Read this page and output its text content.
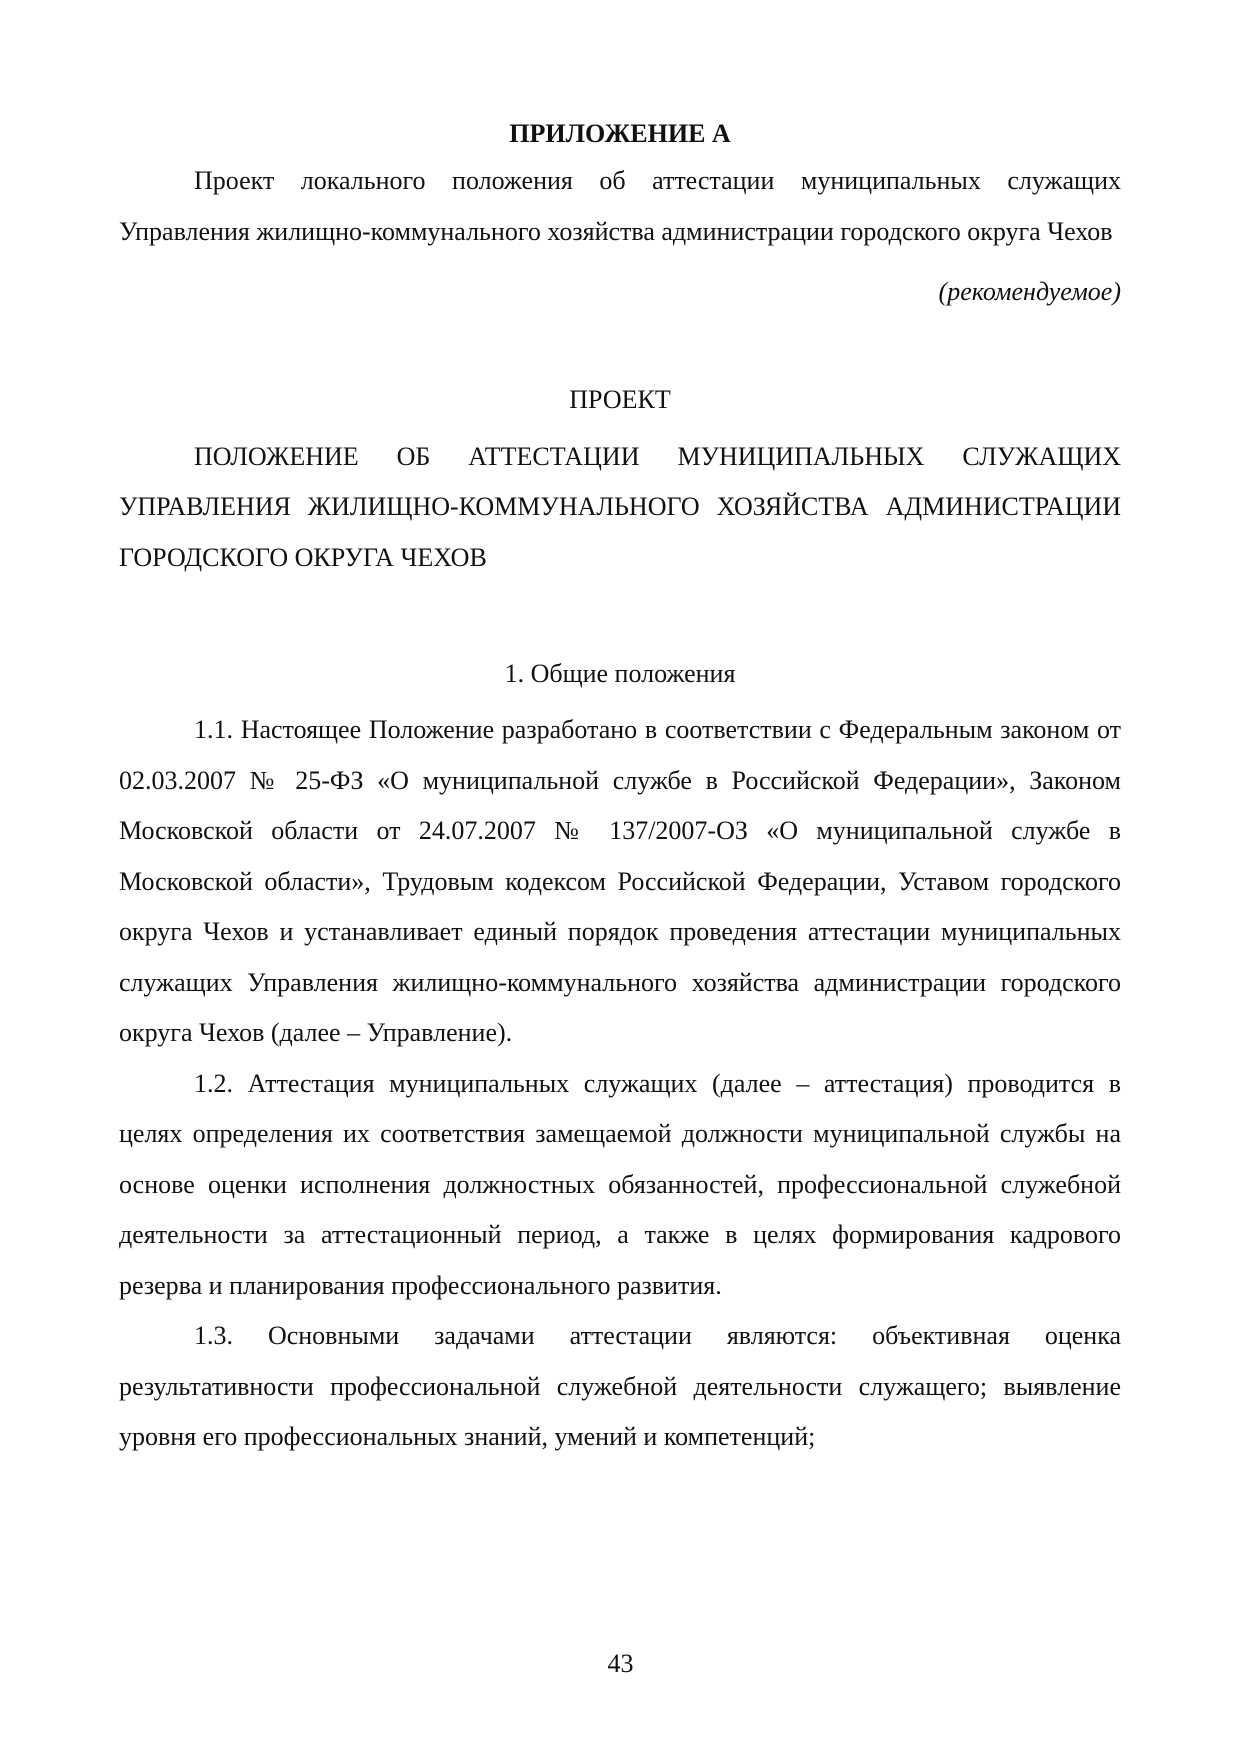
ПРИЛОЖЕНИЕ А

Проект локального положения об аттестации муниципальных служащих Управления жилищно-коммунального хозяйства администрации городского округа Чехов

(рекомендуемое)

ПРОЕКТ

ПОЛОЖЕНИЕ ОБ АТТЕСТАЦИИ МУНИЦИПАЛЬНЫХ СЛУЖАЩИХ УПРАВЛЕНИЯ ЖИЛИЩНО-КОММУНАЛЬНОГО ХОЗЯЙСТВА АДМИНИСТРАЦИИ ГОРОДСКОГО ОКРУГА ЧЕХОВ

1. Общие положения

1.1. Настоящее Положение разработано в соответствии с Федеральным законом от 02.03.2007 № 25-ФЗ «О муниципальной службе в Российской Федерации», Законом Московской области от 24.07.2007 № 137/2007-ОЗ «О муниципальной службе в Московской области», Трудовым кодексом Российской Федерации, Уставом городского округа Чехов и устанавливает единый порядок проведения аттестации муниципальных служащих Управления жилищно-коммунального хозяйства администрации городского округа Чехов (далее – Управление).

1.2. Аттестация муниципальных служащих (далее – аттестация) проводится в целях определения их соответствия замещаемой должности муниципальной службы на основе оценки исполнения должностных обязанностей, профессиональной служебной деятельности за аттестационный период, а также в целях формирования кадрового резерва и планирования профессионального развития.

1.3. Основными задачами аттестации являются: объективная оценка результативности профессиональной служебной деятельности служащего; выявление уровня его профессиональных знаний, умений и компетенций;

43
